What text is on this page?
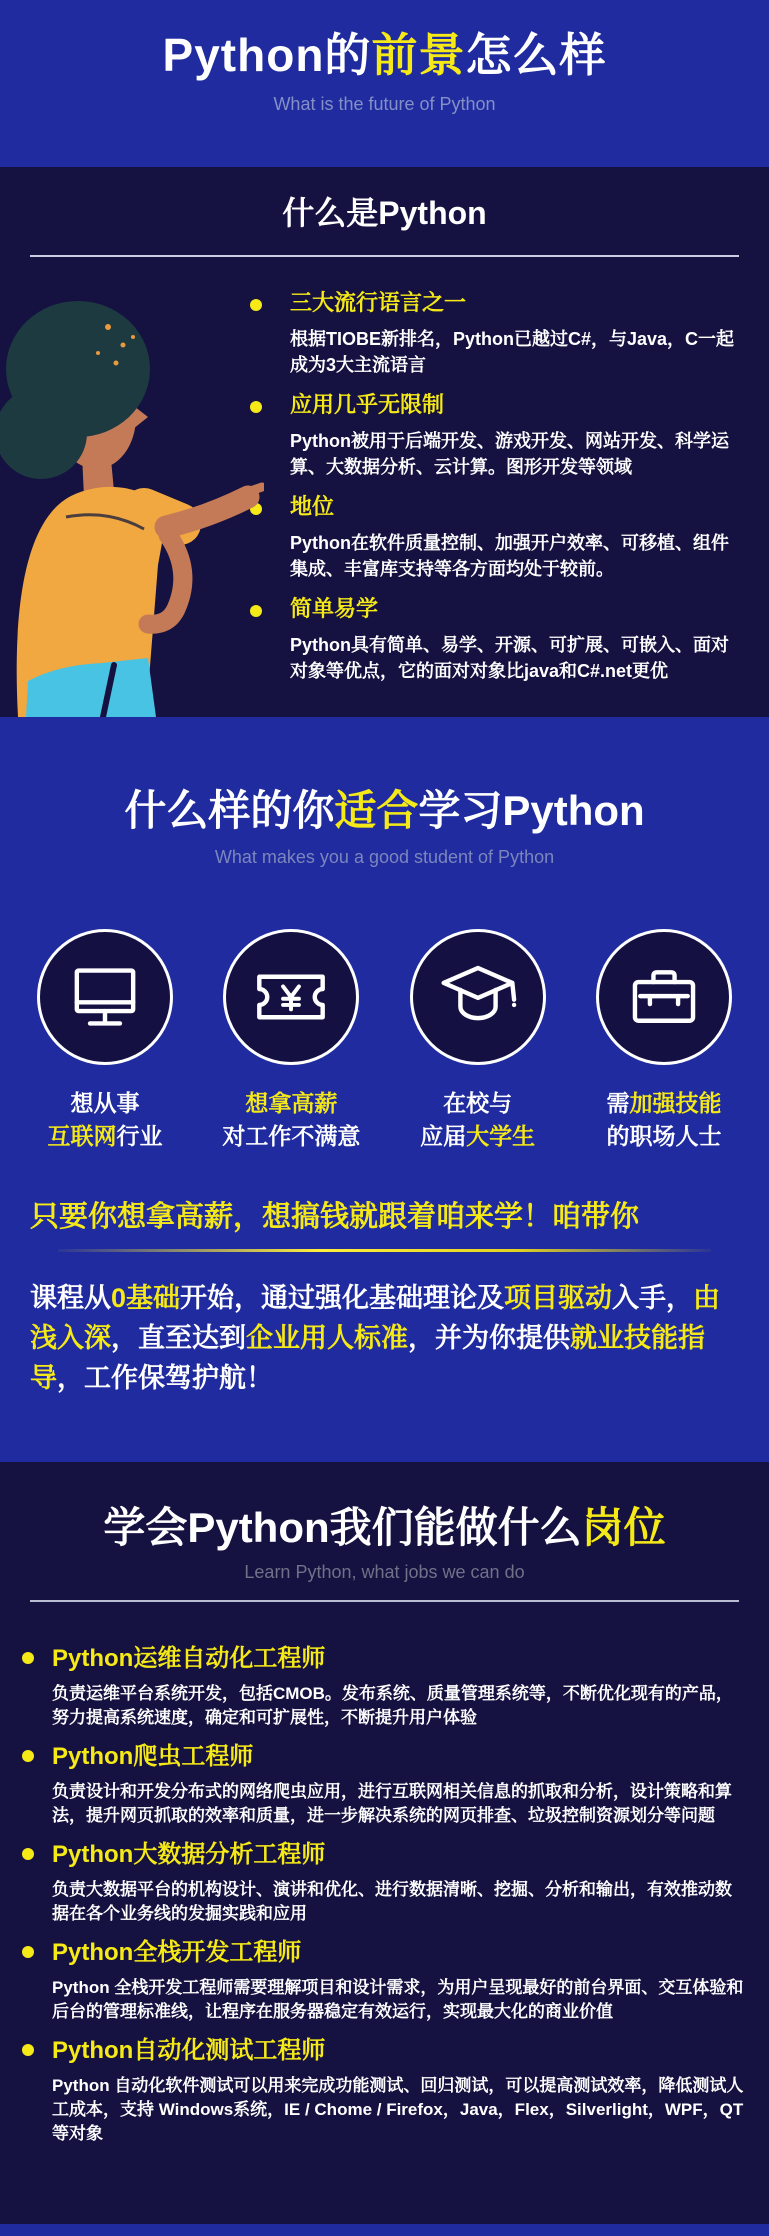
Python的前景怎么样
What is the future of Python
什么是Python
三大流行语言之一

根据TIOBE新排名，Python已越过C#，与Java，C一起成为3大主流语言

应用几乎无限制

Python被用于后端开发、游戏开发、网站开发、科学运算、大数据分析、云计算。图形开发等领域

地位

Python在软件质量控制、加强开户效率、可移植、组件集成、丰富库支持等各方面均处于较前。

简单易学

Python具有简单、易学、开源、可扩展、可嵌入、面对对象等优点，它的面对对象比java和C#.net更优

什么样的你适合学习Python
What makes you a good student of Python
想从事
互联网行业
想拿高薪
对工作不满意
在校与
应届大学生
需加强技能
的职场人士
只要你想拿高薪，想搞钱就跟着咱来学！咱带你

课程从0基础开始，通过强化基础理论及项目驱动入手，由浅入深，直至达到企业用人标准，并为你提供就业技能指导，工作保驾护航！

学会Python我们能做什么岗位
Learn Python, what jobs we can do
Python运维自动化工程师

负责运维平台系统开发，包括CMOB。发布系统、质量管理系统等，不断优化现有的产品，努力提高系统速度，确定和可扩展性，不断提升用户体验

Python爬虫工程师

负责设计和开发分布式的网络爬虫应用，进行互联网相关信息的抓取和分析，设计策略和算法，提升网页抓取的效率和质量，进一步解决系统的网页排查、垃圾控制资源划分等问题

Python大数据分析工程师

负责大数据平台的机构设计、演讲和优化、进行数据清晰、挖掘、分析和输出，有效推动数据在各个业务线的发掘实践和应用

Python全栈开发工程师

Python 全栈开发工程师需要理解项目和设计需求，为用户呈现最好的前台界面、交互体验和后台的管理标准线，让程序在服务器稳定有效运行，实现最大化的商业价值

Python自动化测试工程师

Python 自动化软件测试可以用来完成功能测试、回归测试，可以提高测试效率，降低测试人工成本，支持 Windows系统，IE / Chome / Firefox，Java，Flex，Silverlight，WPF，QT等对象
